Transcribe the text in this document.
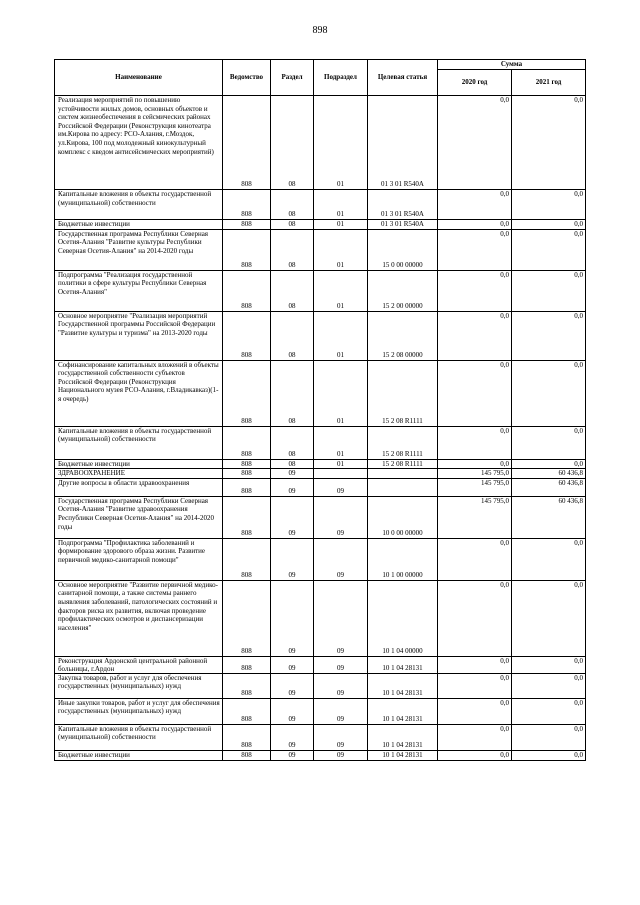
898
Наименование	Ведомство	Раздел	Подраздел	Целевая статья	Сумма	
					2020 год	2021 год

Реализация мероприятий по повышению устойчивости жилых домов, основных объектов и систем жизнеобеспечения в сейсмических районах Российской Федерации (Реконструкция кинотеатра им.Кирова по адресу: РСО-Алания, г.Моздок, ул.Кирова, 100 под молодежный кинокультурный комплекс с кведом антисейсмических мероприятий)	808	08	01	01 3 01 R540A	0,0	0,0

Капитальные вложения в объекты государственной (муниципальной) собственности	808	08	01	01 3 01 R540A	0,0	0,0

Бюджетные инвестиции	808	08	01	01 3 01 R540A	0,0	0,0

Государственная программа Республики Северная Осетия-Алания "Развитие культуры Республики Северная Осетия-Алания" на 2014-2020 годы	808	08	01	15 0 00 00000	0,0	0,0

Подпрограмма "Реализация государственной политики в сфере культуры Республики Северная Осетия-Алания"	808	08	01	15 2 00 00000	0,0	0,0

Основное мероприятие "Реализация мероприятий Государственной программы Российской Федерации "Развитие культуры и туризма" на 2013-2020 годы	808	08	01	15 2 08 00000	0,0	0,0

Софинансирование капитальных вложений в объекты государственной собственности субъектов Российской Федерации (Реконструкция Национального музея РСО-Алания, г.Владикавказ)(1-я очередь)	808	08	01	15 2 08 R1111	0,0	0,0

Капитальные вложения в объекты государственной (муниципальной) собственности	808	08	01	15 2 08 R1111	0,0	0,0

Бюджетные инвестиции	808	08	01	15 2 08 R1111	0,0	0,0

ЗДРАВООХРАНЕНИЕ	808	09			145 795,0	60 436,8

Другие вопросы в области здравоохранения	808	09	09		145 795,0	60 436,8

Государственная программа Республики Северная Осетия-Алания "Развитие здравоохранения Республики Северная Осетия-Алания" на 2014-2020 годы	808	09	09	10 0 00 00000	145 795,0	60 436,8

Подпрограмма "Профилактика заболеваний и формирование здорового образа жизни. Развитие первичной медико-санитарной помощи"	808	09	09	10 1 00 00000	0,0	0,0

Основное мероприятие "Развитие первичной медико-санитарной помощи, а также системы раннего выявления заболеваний, патологических состояний и факторов риска их развития, включая проведение профилактических осмотров и диспансеризации населения"	808	09	09	10 1 04 00000	0,0	0,0

Реконструкция Ардонской центральной районной больницы, г.Ардон	808	09	09	10 1 04 28131	0,0	0,0

Закупка товаров, работ и услуг для обеспечения государственных (муниципальных) нужд	808	09	09	10 1 04 28131	0,0	0,0

Иные закупки товаров, работ и услуг для обеспечения государственных (муниципальных) нужд	808	09	09	10 1 04 28131	0,0	0,0

Капитальные вложения в объекты государственной (муниципальной) собственности	808	09	09	10 1 04 28131	0,0	0,0

Бюджетные инвестиции	808	09	09	10 1 04 28131	0,0	0,0
